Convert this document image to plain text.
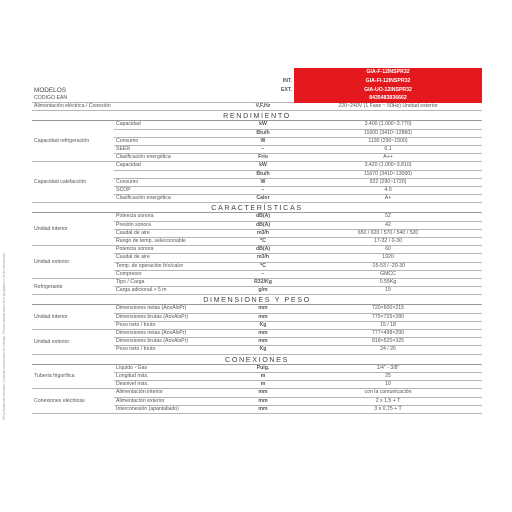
IVA y transporte incluidos. Consulte condiciones de entrega. Precios válidos salvo error tipográfico o fin de existencias.
			GIA-F-12INSPR32
		INT.	GIA-FI-12INSPR32
MODELOS		EXT.	GIA-UO-12INSPR32
CÓDIGO EAN			8435483836662
Alimentación eléctrica / Conexión		V,F,Hz	220~240V (1 Fase ~ 50Hz) Unidad exterior
RENDIMIENTO			
Capacidad refrigeración	Capacidad	kW	3.400 (1.000~3.770)
		Btu/h	11600 (3410~12860)
	Consumo	W	1130 (290~1500)
	SEER	–	6.1
	Clasificación energética	Frío	A++
Capacidad calefacción	Capacidad	kW	3.420 (1.000~3.810)
		Btu/h	11670 (3410~13000)
	Consumo	W	922 (290~1720)
	SCOP	–	4.0
	Clasificación energética	Calor	A+
CARACTERÍSTICAS			
Unidad interior	Potencia sonora	dB(A)	52
	Presión sonora	dB(A)	42
	Caudal de aire	m3/h	650 / 620 / 570 / 540 / 520
	Rango de temp. seleccionable	ºC	17-32 / 0-30
Unidad exterior	Potencia sonora	dB(A)	60
	Caudal de aire	m3/h	1920
	Temp. de operación frío/calor	ºC	-15-53 / -20-30
	Compresor	–	GMCC
Refrigerante	Tipo / Carga	R32/Kg	0.55Kg
	Carga adicional > 5 m	g/m	15
DIMENSIONES Y PESO			
Unidad interior	Dimensiones netas (AnxAlxPr)	mm	720×600×215
	Dimensiones brutas (AnxAlxPr)	mm	775×725×280
	Peso neto / bruto	Kg	15 / 18
Unidad exterior	Dimensiones netas (AnxAlxPr)	mm	777×498×290
	Dimensiones brutas (AnxAlxPr)	mm	818×520×325
	Peso neto / bruto	Kg	24 / 26
CONEXIONES			
Tubería frigorífica	Líquido - Gas	Pulg.	1/4" - 3/8"
	Longitud máx.	m	25
	Desnivel máx.	m	10
Conexiones eléctricas	Alimentación interior	mm	con la comunicación
	Alimentación exterior	mm	2 x 1,5 + T
	Interconexión (apantallado)	mm	3 x 0,75 + T
